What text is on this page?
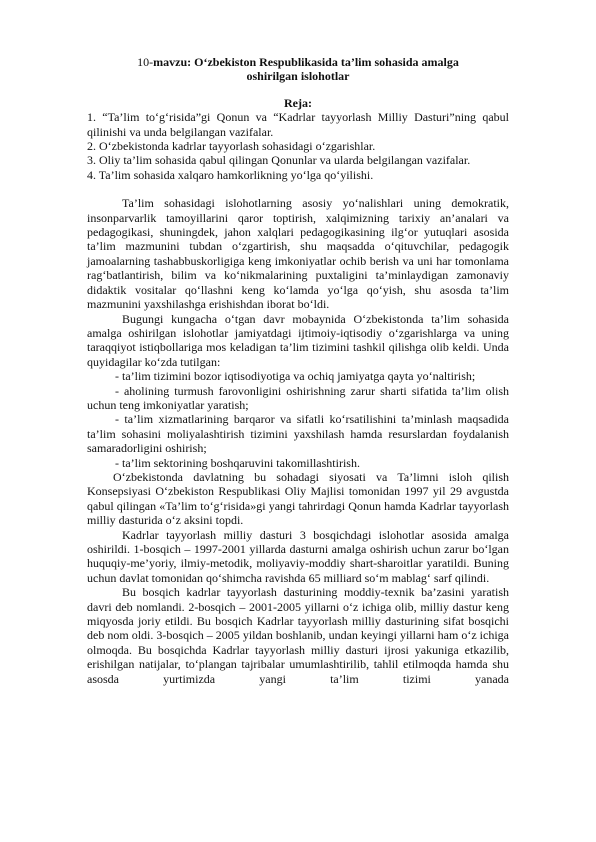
10-mavzu: O‘zbekiston Respublikasida ta’lim sohasida amalga
oshirilgan islohotlar
Reja:
1. “Ta’lim to‘g‘risida”gi Qonun va “Kadrlar tayyorlash Milliy Dasturi”ning qabul qilinishi va unda belgilangan vazifalar.
2. O‘zbekistonda kadrlar tayyorlash sohasidagi o‘zgarishlar.
3. Oliy ta’lim sohasida qabul qilingan Qonunlar va ularda belgilangan vazifalar.
4. Ta’lim sohasida xalqaro hamkorlikning yo‘lga qo‘yilishi.

Ta’lim sohasidagi islohotlarning asosiy yo‘nalishlari uning demokratik, insonparvarlik tamoyillarini qaror toptirish, xalqimizning tarixiy an’analari va pedagogikasi, shuningdek, jahon xalqlari pedagogikasining ilg‘or yutuqlari asosida ta’lim mazmunini tubdan o‘zgartirish, shu maqsadda o‘qituvchilar, pedagogik jamoalarning tashabbuskorligiga keng imkoniyatlar ochib berish va uni har tomonlama rag‘batlantirish, bilim va ko‘nikmalarining puxtaligini ta’minlaydigan zamonaviy didaktik vositalar qo‘llashni keng ko‘lamda yo‘lga qo‘yish, shu asosda ta’lim mazmunini yaxshilashga erishishdan iborat bo‘ldi.

Bugungi kungacha o‘tgan davr mobaynida O‘zbekistonda ta’lim sohasida amalga oshirilgan islohotlar jamiyatdagi ijtimoiy-iqtisodiy o‘zgarishlarga va uning taraqqiyot istiqbollariga mos keladigan ta’lim tizimini tashkil qilishga olib keldi. Unda quyidagilar ko‘zda tutilgan:

- ta’lim tizimini bozor iqtisodiyotiga va ochiq jamiyatga qayta yo‘naltirish;

- aholining turmush farovonligini oshirishning zarur sharti sifatida ta’lim olish uchun teng imkoniyatlar yaratish;

- ta’lim xizmatlarining barqaror va sifatli ko‘rsatilishini ta’minlash maqsadida ta’lim sohasini moliyalashtirish tizimini yaxshilash hamda resurslardan foydalanish samaradorligini oshirish;

- ta’lim sektorining boshqaruvini takomillashtirish.

O‘zbekistonda davlatning bu sohadagi siyosati va Ta’limni isloh qilish Konsepsiyasi O‘zbekiston Respublikasi Oliy Majlisi tomonidan 1997 yil 29 avgustda qabul qilingan «Ta’lim to‘g‘risida»gi yangi tahrirdagi Qonun hamda Kadrlar tayyorlash milliy dasturida o‘z aksini topdi.

Kadrlar tayyorlash milliy dasturi 3 bosqichdagi islohotlar asosida amalga oshirildi. 1-bosqich – 1997-2001 yillarda dasturni amalga oshirish uchun zarur bo‘lgan huquqiy-me’yoriy, ilmiy-metodik, moliyaviy-moddiy shart-sharoitlar yaratildi. Buning uchun davlat tomonidan qo‘shimcha ravishda 65 milliard so‘m mablag‘ sarf qilindi.

Bu bosqich kadrlar tayyorlash dasturining moddiy-texnik ba’zasini yaratish davri deb nomlandi. 2-bosqich – 2001-2005 yillarni o‘z ichiga olib, milliy dastur keng miqyosda joriy etildi. Bu bosqich Kadrlar tayyorlash milliy dasturining sifat bosqichi deb nom oldi. 3-bosqich – 2005 yildan boshlanib, undan keyingi yillarni ham o‘z ichiga olmoqda. Bu bosqichda Kadrlar tayyorlash milliy dasturi ijrosi yakuniga etkazilib, erishilgan natijalar, to‘plangan tajribalar umumlashtirilib, tahlil etilmoqda hamda shu asosda yurtimizda yangi ta’lim tizimi yanada
